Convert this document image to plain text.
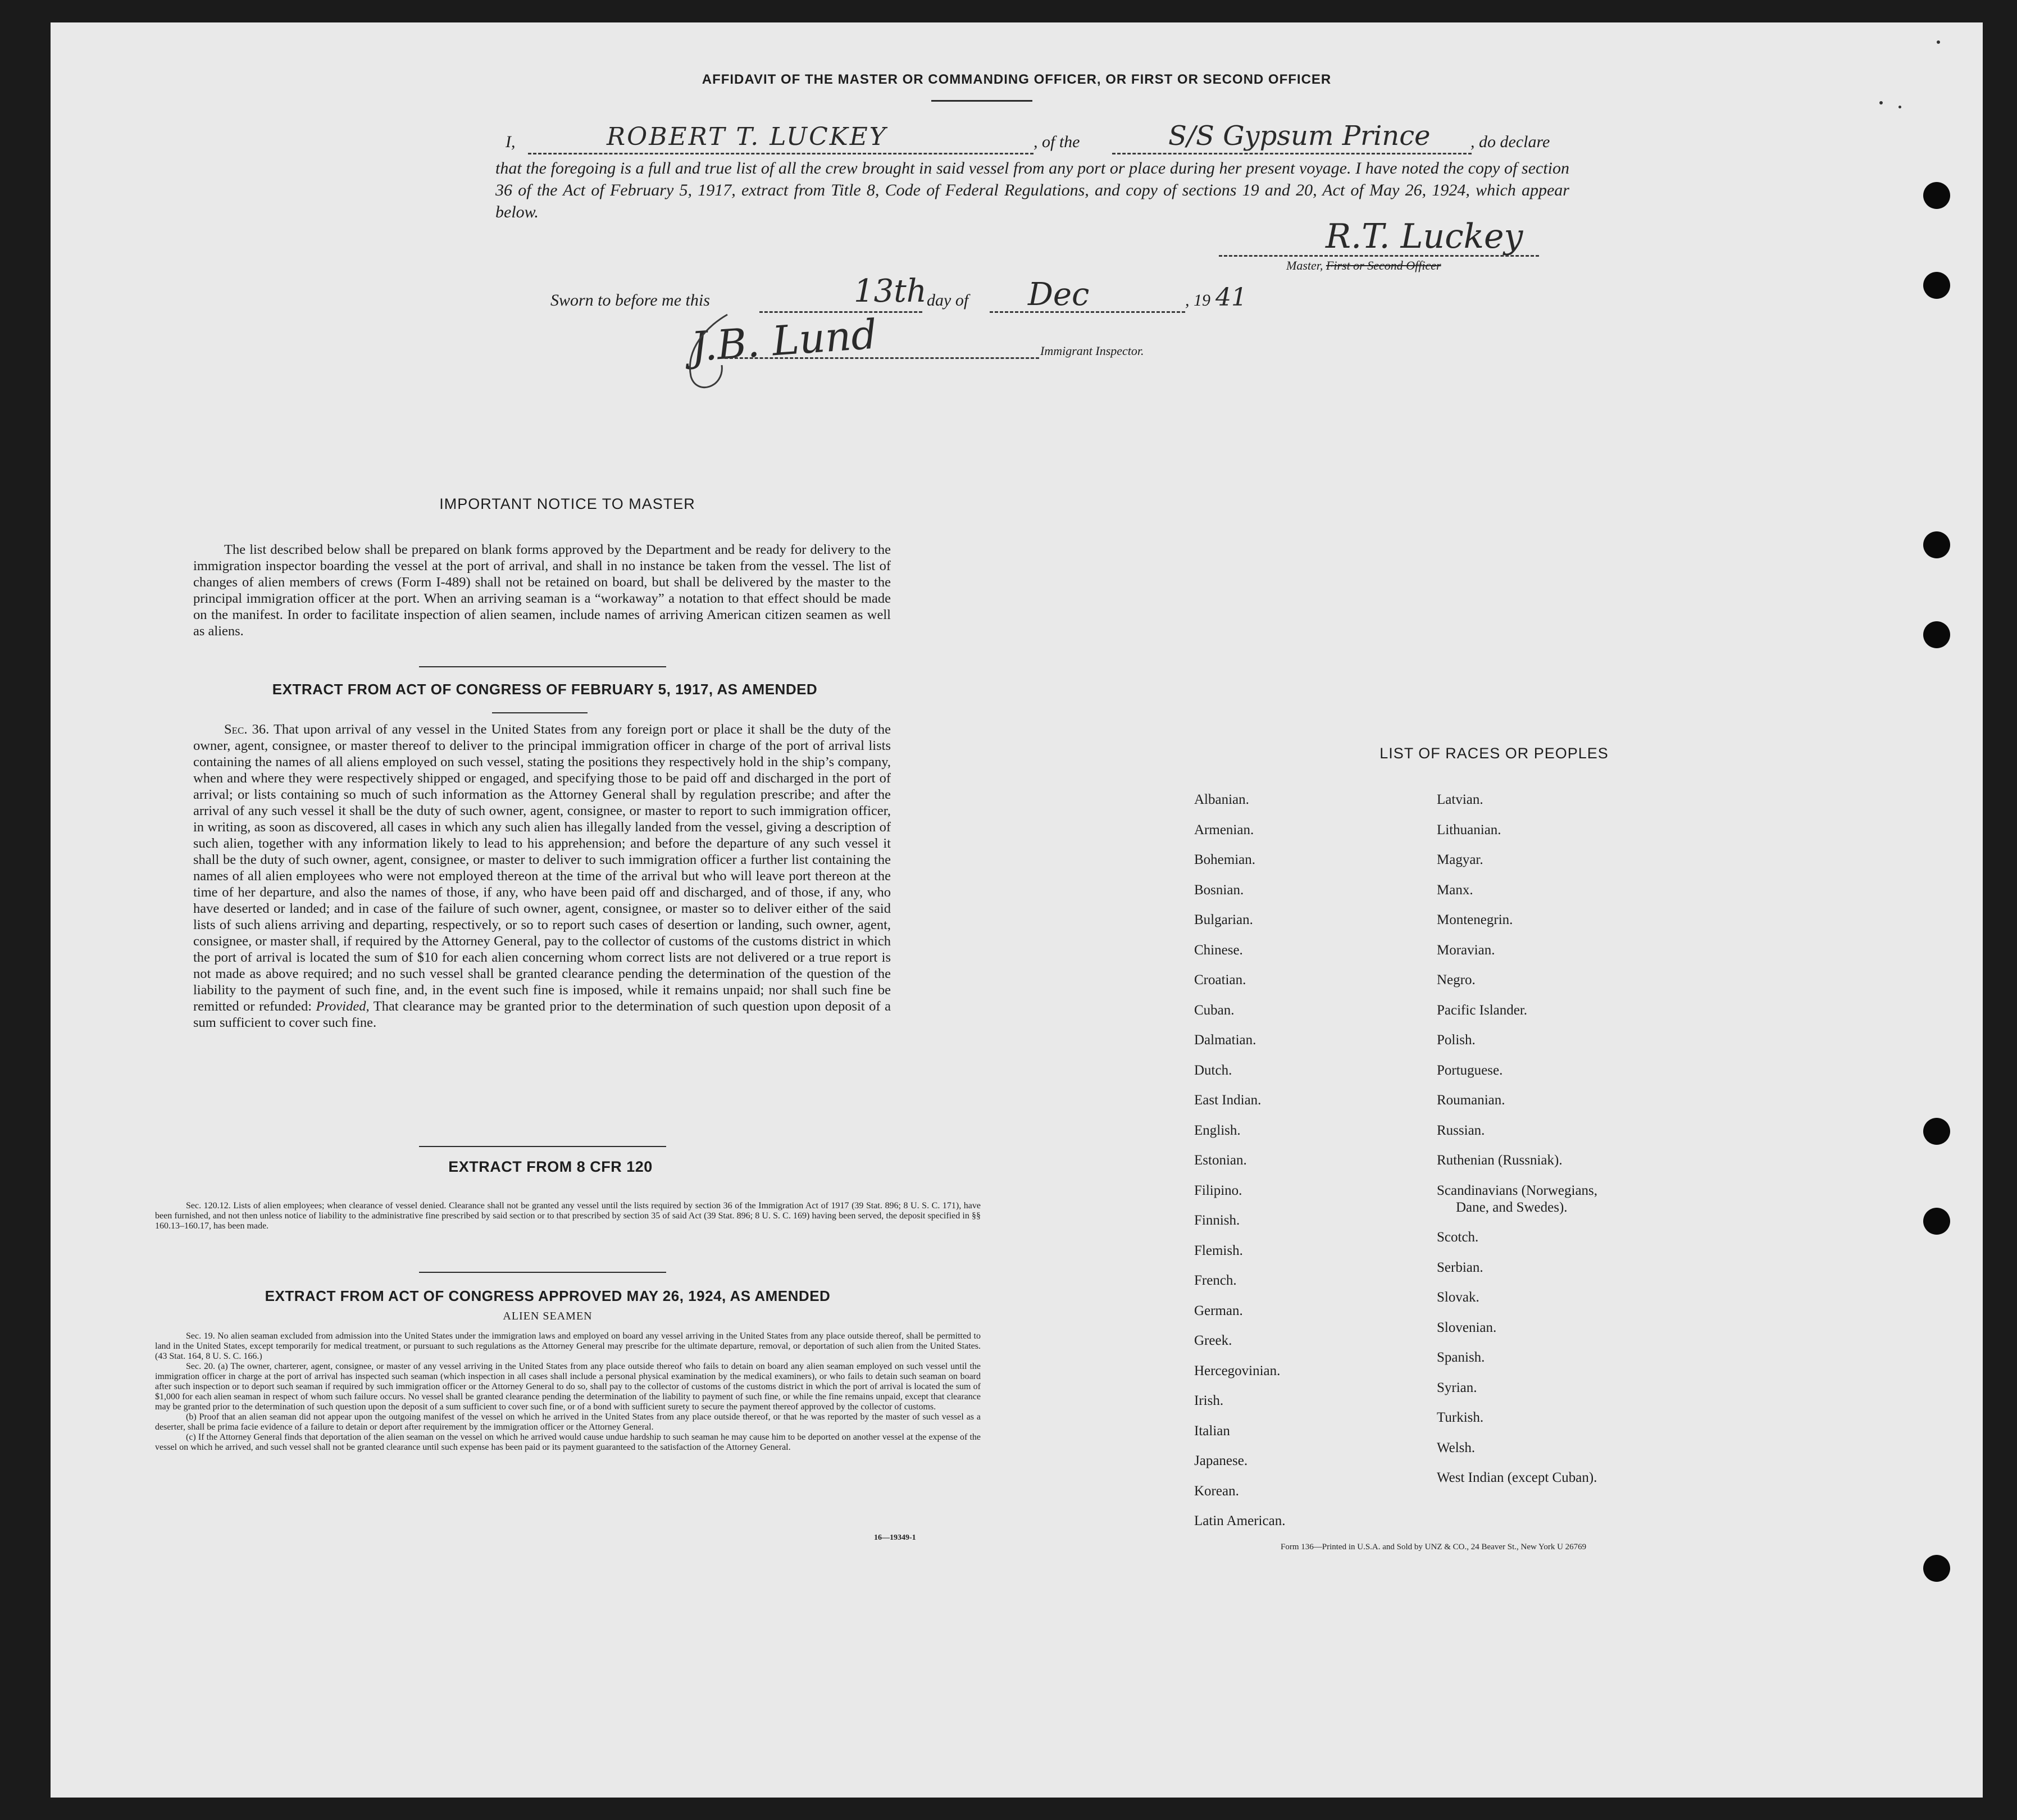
AFFIDAVIT OF THE MASTER OR COMMANDING OFFICER, OR FIRST OR SECOND OFFICER
I,	ROBERT T. LUCKEY	, of the	S/S Gypsum Prince , do declare

that the foregoing is a full and true list of all the crew brought in said vessel from any port or place during her present voyage. I have noted the copy of section 36 of the Act of February 5, 1917, extract from Title 8, Code of Federal Regulations, and copy of sections 19 and 20, Act of May 26, 1924, which appear below.

R.T. Luckey
Master, First or Second Officer
Sworn to before me this	13th day of Dec	, 19 41
J.B. Lund	Immigrant Inspector.
IMPORTANT NOTICE TO MASTER

The list described below shall be prepared on blank forms approved by the Department and be ready for delivery to the immigration inspector boarding the vessel at the port of arrival, and shall in no instance be taken from the vessel. The list of changes of alien members of crews (Form I-489) shall not be retained on board, but shall be delivered by the master to the principal immigration officer at the port. When an arriving seaman is a “workaway” a notation to that effect should be made on the manifest. In order to facilitate inspection of alien seamen, include names of arriving American citizen seamen as well as aliens.

EXTRACT FROM ACT OF CONGRESS OF FEBRUARY 5, 1917, AS AMENDED

Sec. 36. That upon arrival of any vessel in the United States from any foreign port or place it shall be the duty of the owner, agent, consignee, or master thereof to deliver to the principal immigration officer in charge of the port of arrival lists containing the names of all aliens employed on such vessel, stating the positions they respectively hold in the ship’s company, when and where they were respectively shipped or engaged, and specifying those to be paid off and discharged in the port of arrival; or lists containing so much of such information as the Attorney General shall by regulation prescribe; and after the arrival of any such vessel it shall be the duty of such owner, agent, consignee, or master to report to such immigration officer, in writing, as soon as discovered, all cases in which any such alien has illegally landed from the vessel, giving a description of such alien, together with any information likely to lead to his apprehension; and before the departure of any such vessel it shall be the duty of such owner, agent, consignee, or master to deliver to such immigration officer a further list containing the names of all alien employees who were not employed thereon at the time of the arrival but who will leave port thereon at the time of her departure, and also the names of those, if any, who have been paid off and discharged, and of those, if any, who have deserted or landed; and in case of the failure of such owner, agent, consignee, or master so to deliver either of the said lists of such aliens arriving and departing, respectively, or so to report such cases of desertion or landing, such owner, agent, consignee, or master shall, if required by the Attorney General, pay to the collector of customs of the customs district in which the port of arrival is located the sum of $10 for each alien concerning whom correct lists are not delivered or a true report is not made as above required; and no such vessel shall be granted clearance pending the determination of the question of the liability to the payment of such fine, and, in the event such fine is imposed, while it remains unpaid; nor shall such fine be remitted or refunded: Provided, That clearance may be granted prior to the determination of such question upon deposit of a sum sufficient to cover such fine.

EXTRACT FROM 8 CFR 120

Sec. 120.12. Lists of alien employees; when clearance of vessel denied. Clearance shall not be granted any vessel until the lists required by section 36 of the Immigration Act of 1917 (39 Stat. 896; 8 U. S. C. 171), have been furnished, and not then unless notice of liability to the administrative fine prescribed by said section or to that prescribed by section 35 of said Act (39 Stat. 896; 8 U. S. C. 169) having been served, the deposit specified in §§ 160.13–160.17, has been made.

EXTRACT FROM ACT OF CONGRESS APPROVED MAY 26, 1924, AS AMENDED
ALIEN SEAMEN

Sec. 19. No alien seaman excluded from admission into the United States under the immigration laws and employed on board any vessel arriving in the United States from any place outside thereof, shall be permitted to land in the United States, except temporarily for medical treatment, or pursuant to such regulations as the Attorney General may prescribe for the ultimate departure, removal, or deportation of such alien from the United States. (43 Stat. 164, 8 U. S. C. 166.)

Sec. 20. (a) The owner, charterer, agent, consignee, or master of any vessel arriving in the United States from any place outside thereof who fails to detain on board any alien seaman employed on such vessel until the immigration officer in charge at the port of arrival has inspected such seaman (which inspection in all cases shall include a personal physical examination by the medical examiners), or who fails to detain such seaman on board after such inspection or to deport such seaman if required by such immigration officer or the Attorney General to do so, shall pay to the collector of customs of the customs district in which the port of arrival is located the sum of $1,000 for each alien seaman in respect of whom such failure occurs. No vessel shall be granted clearance pending the determination of the liability to payment of such fine, or while the fine remains unpaid, except that clearance may be granted prior to the determination of such question upon the deposit of a sum sufficient to cover such fine, or of a bond with sufficient surety to secure the payment thereof approved by the collector of customs.

(b) Proof that an alien seaman did not appear upon the outgoing manifest of the vessel on which he arrived in the United States from any place outside thereof, or that he was reported by the master of such vessel as a deserter, shall be prima facie evidence of a failure to detain or deport after requirement by the immigration officer or the Attorney General.

(c) If the Attorney General finds that deportation of the alien seaman on the vessel on which he arrived would cause undue hardship to such seaman he may cause him to be deported on another vessel at the expense of the vessel on which he arrived, and such vessel shall not be granted clearance until such expense has been paid or its payment guaranteed to the satisfaction of the Attorney General.

16—19349-1
LIST OF RACES OR PEOPLES
Albanian.
Armenian.
Bohemian.
Bosnian.
Bulgarian.
Chinese.
Croatian.
Cuban.
Dalmatian.
Dutch.
East Indian.
English.
Estonian.
Filipino.
Finnish.
Flemish.
French.
German.
Greek.
Hercegovinian.
Irish.
Italian
Japanese.
Korean.
Latin American.
Latvian.
Lithuanian.
Magyar.
Manx.
Montenegrin.
Moravian.
Negro.
Pacific Islander.
Polish.
Portuguese.
Roumanian.
Russian.
Ruthenian (Russniak).
Scandinavians (Norwegians,
Dane, and Swedes).
Scotch.
Serbian.
Slovak.
Slovenian.
Spanish.
Syrian.
Turkish.
Welsh.
West Indian (except Cuban).
Form 136—Printed in U.S.A. and Sold by UNZ & CO., 24 Beaver St., New York U 26769
